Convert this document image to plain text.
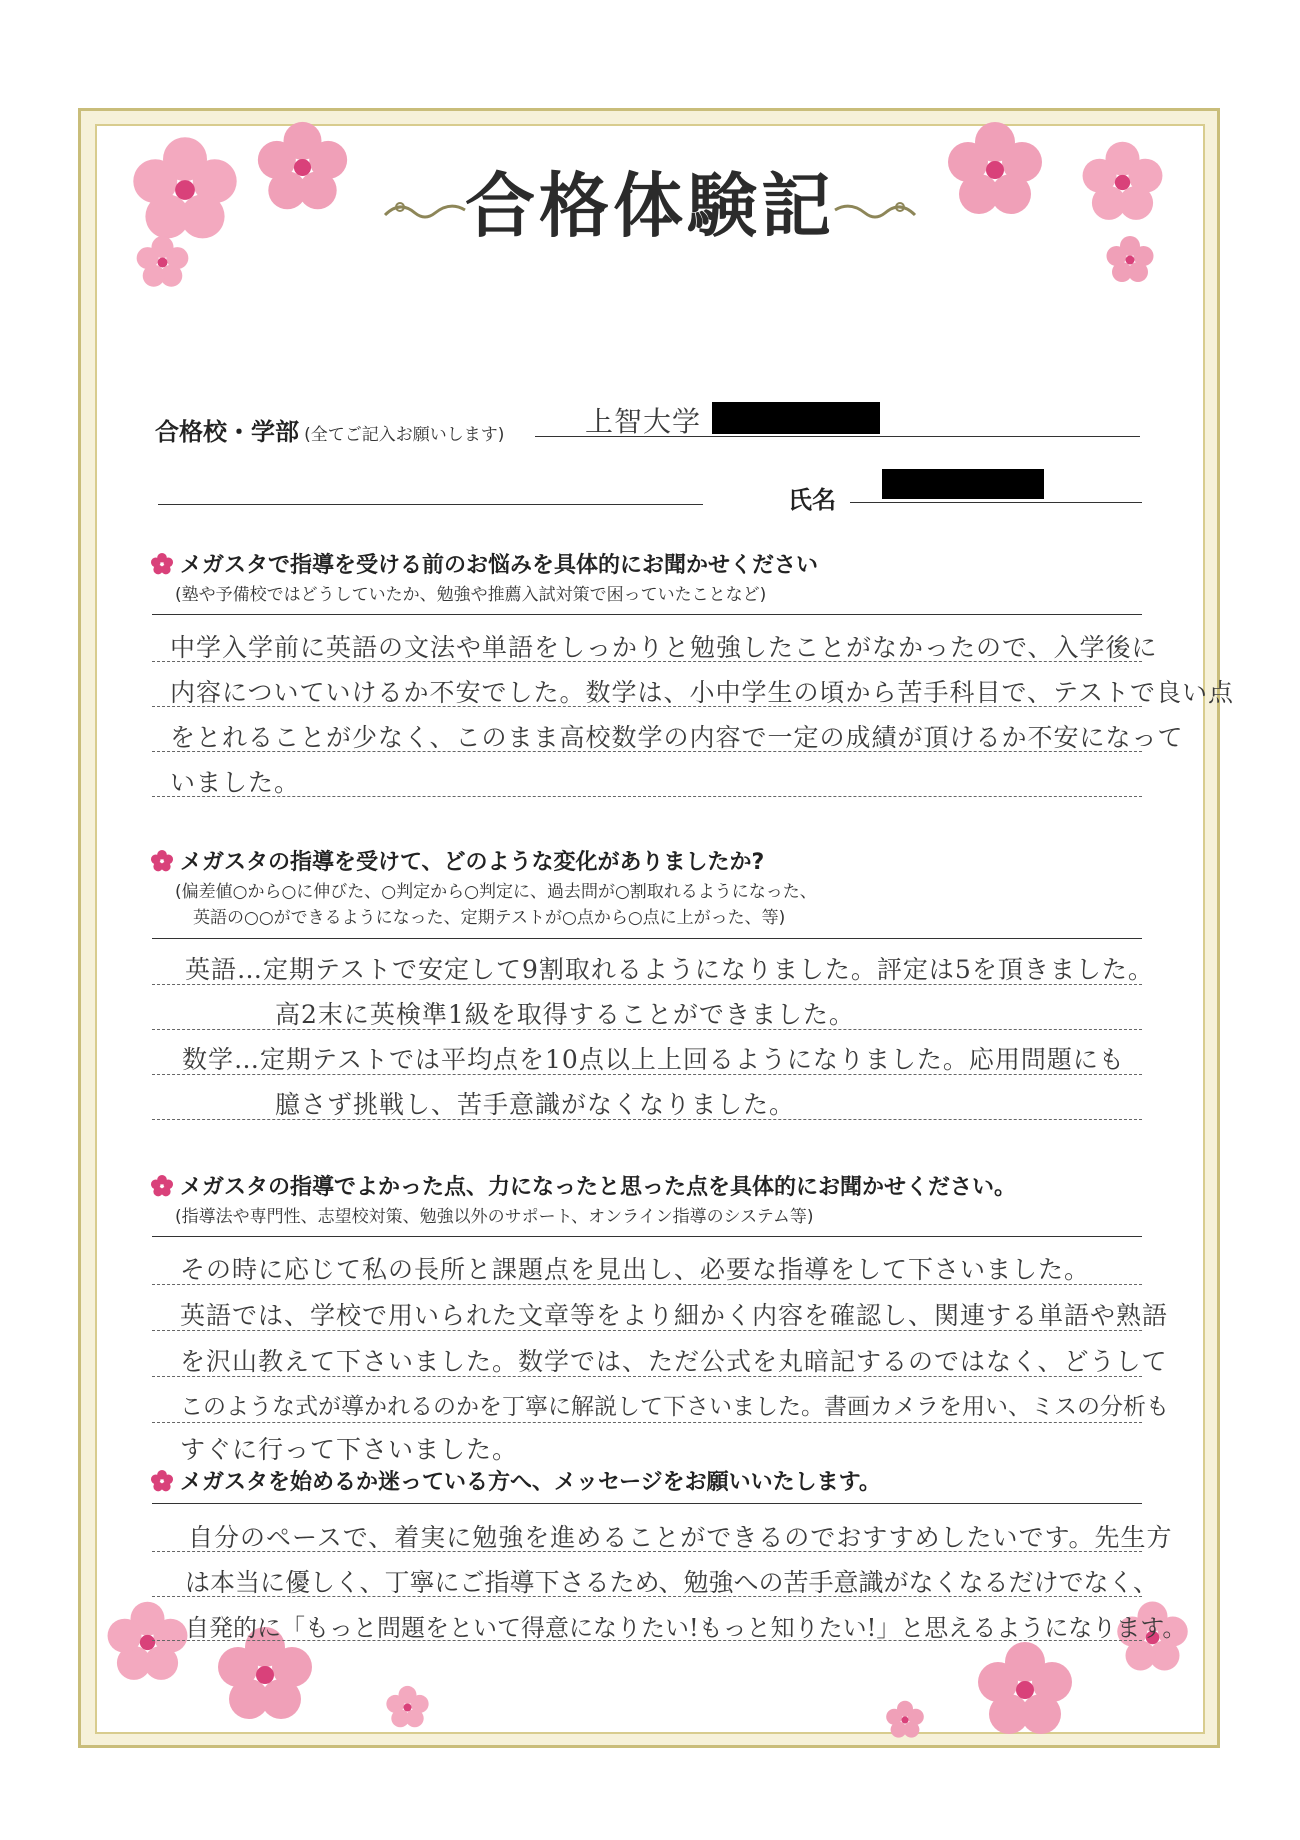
合格体験記
合格校・学部 (全てご記入お願いします)	上智大学
氏名
メガスタで指導を受ける前のお悩みを具体的にお聞かせください
(塾や予備校ではどうしていたか、勉強や推薦入試対策で困っていたことなど)
中学入学前に英語の文法や単語をしっかりと勉強したことがなかったので、入学後に
内容についていけるか不安でした。数学は、小中学生の頃から苦手科目で、テストで良い点
をとれることが少なく、このまま高校数学の内容で一定の成績が頂けるか不安になって
いました。
メガスタの指導を受けて、どのような変化がありましたか?
(偏差値○から○に伸びた、○判定から○判定に、過去問が○割取れるようになった、
英語の○○ができるようになった、定期テストが○点から○点に上がった、等)
英語…定期テストで安定して9割取れるようになりました。評定は5を頂きました。
高2末に英検準1級を取得することができました。
数学…定期テストでは平均点を10点以上上回るようになりました。応用問題にも
臆さず挑戦し、苦手意識がなくなりました。
メガスタの指導でよかった点、力になったと思った点を具体的にお聞かせください。
(指導法や専門性、志望校対策、勉強以外のサポート、オンライン指導のシステム等)
その時に応じて私の長所と課題点を見出し、必要な指導をして下さいました。
英語では、学校で用いられた文章等をより細かく内容を確認し、関連する単語や熟語
を沢山教えて下さいました。数学では、ただ公式を丸暗記するのではなく、どうして
このような式が導かれるのかを丁寧に解説して下さいました。書画カメラを用い、ミスの分析も
すぐに行って下さいました。
メガスタを始めるか迷っている方へ、メッセージをお願いいたします。
自分のペースで、着実に勉強を進めることができるのでおすすめしたいです。先生方
は本当に優しく、丁寧にご指導下さるため、勉強への苦手意識がなくなるだけでなく、
自発的に「もっと問題をといて得意になりたい!もっと知りたい!」と思えるようになります。
